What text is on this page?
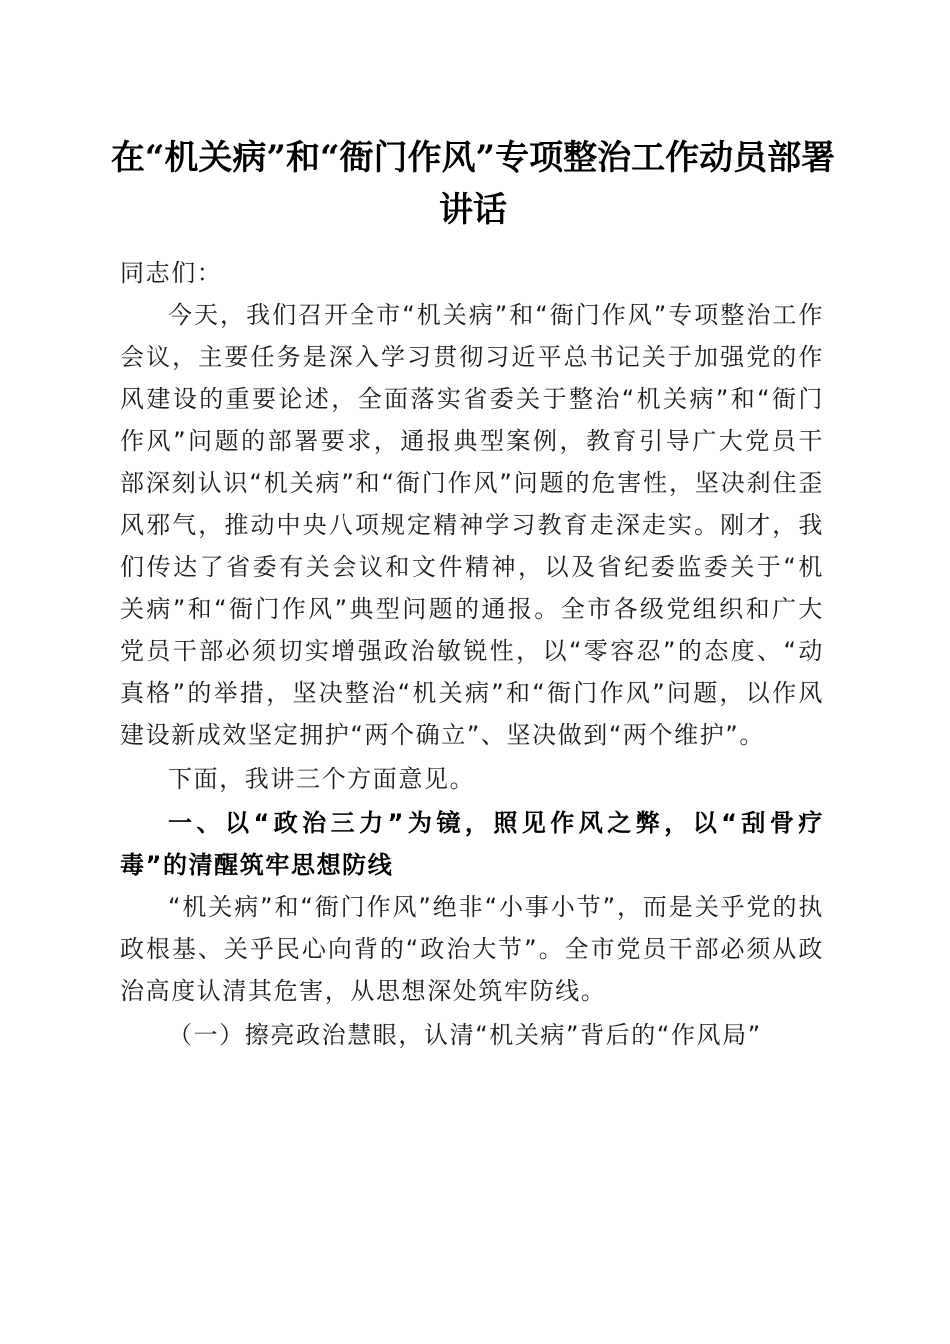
在“机关病”和“衙门作风”专项整治工作动员部署讲话

同志们：

今天，我们召开全市“机关病”和“衙门作风”专项整治工作会议，主要任务是深入学习贯彻习近平总书记关于加强党的作风建设的重要论述，全面落实省委关于整治“机关病”和“衙门作风”问题的部署要求，通报典型案例，教育引导广大党员干部深刻认识“机关病”和“衙门作风”问题的危害性，坚决刹住歪风邪气，推动中央八项规定精神学习教育走深走实。刚才，我们传达了省委有关会议和文件精神，以及省纪委监委关于“机关病”和“衙门作风”典型问题的通报。全市各级党组织和广大党员干部必须切实增强政治敏锐性，以“零容忍”的态度、“动真格”的举措，坚决整治“机关病”和“衙门作风”问题，以作风建设新成效坚定拥护“两个确立”、坚决做到“两个维护”。

下面，我讲三个方面意见。

一、以“政治三力”为镜，照见作风之弊，以“刮骨疗毒”的清醒筑牢思想防线

“机关病”和“衙门作风”绝非“小事小节”，而是关乎党的执政根基、关乎民心向背的“政治大节”。全市党员干部必须从政治高度认清其危害，从思想深处筑牢防线。

（一）擦亮政治慧眼，认清“机关病”背后的“作风局”
